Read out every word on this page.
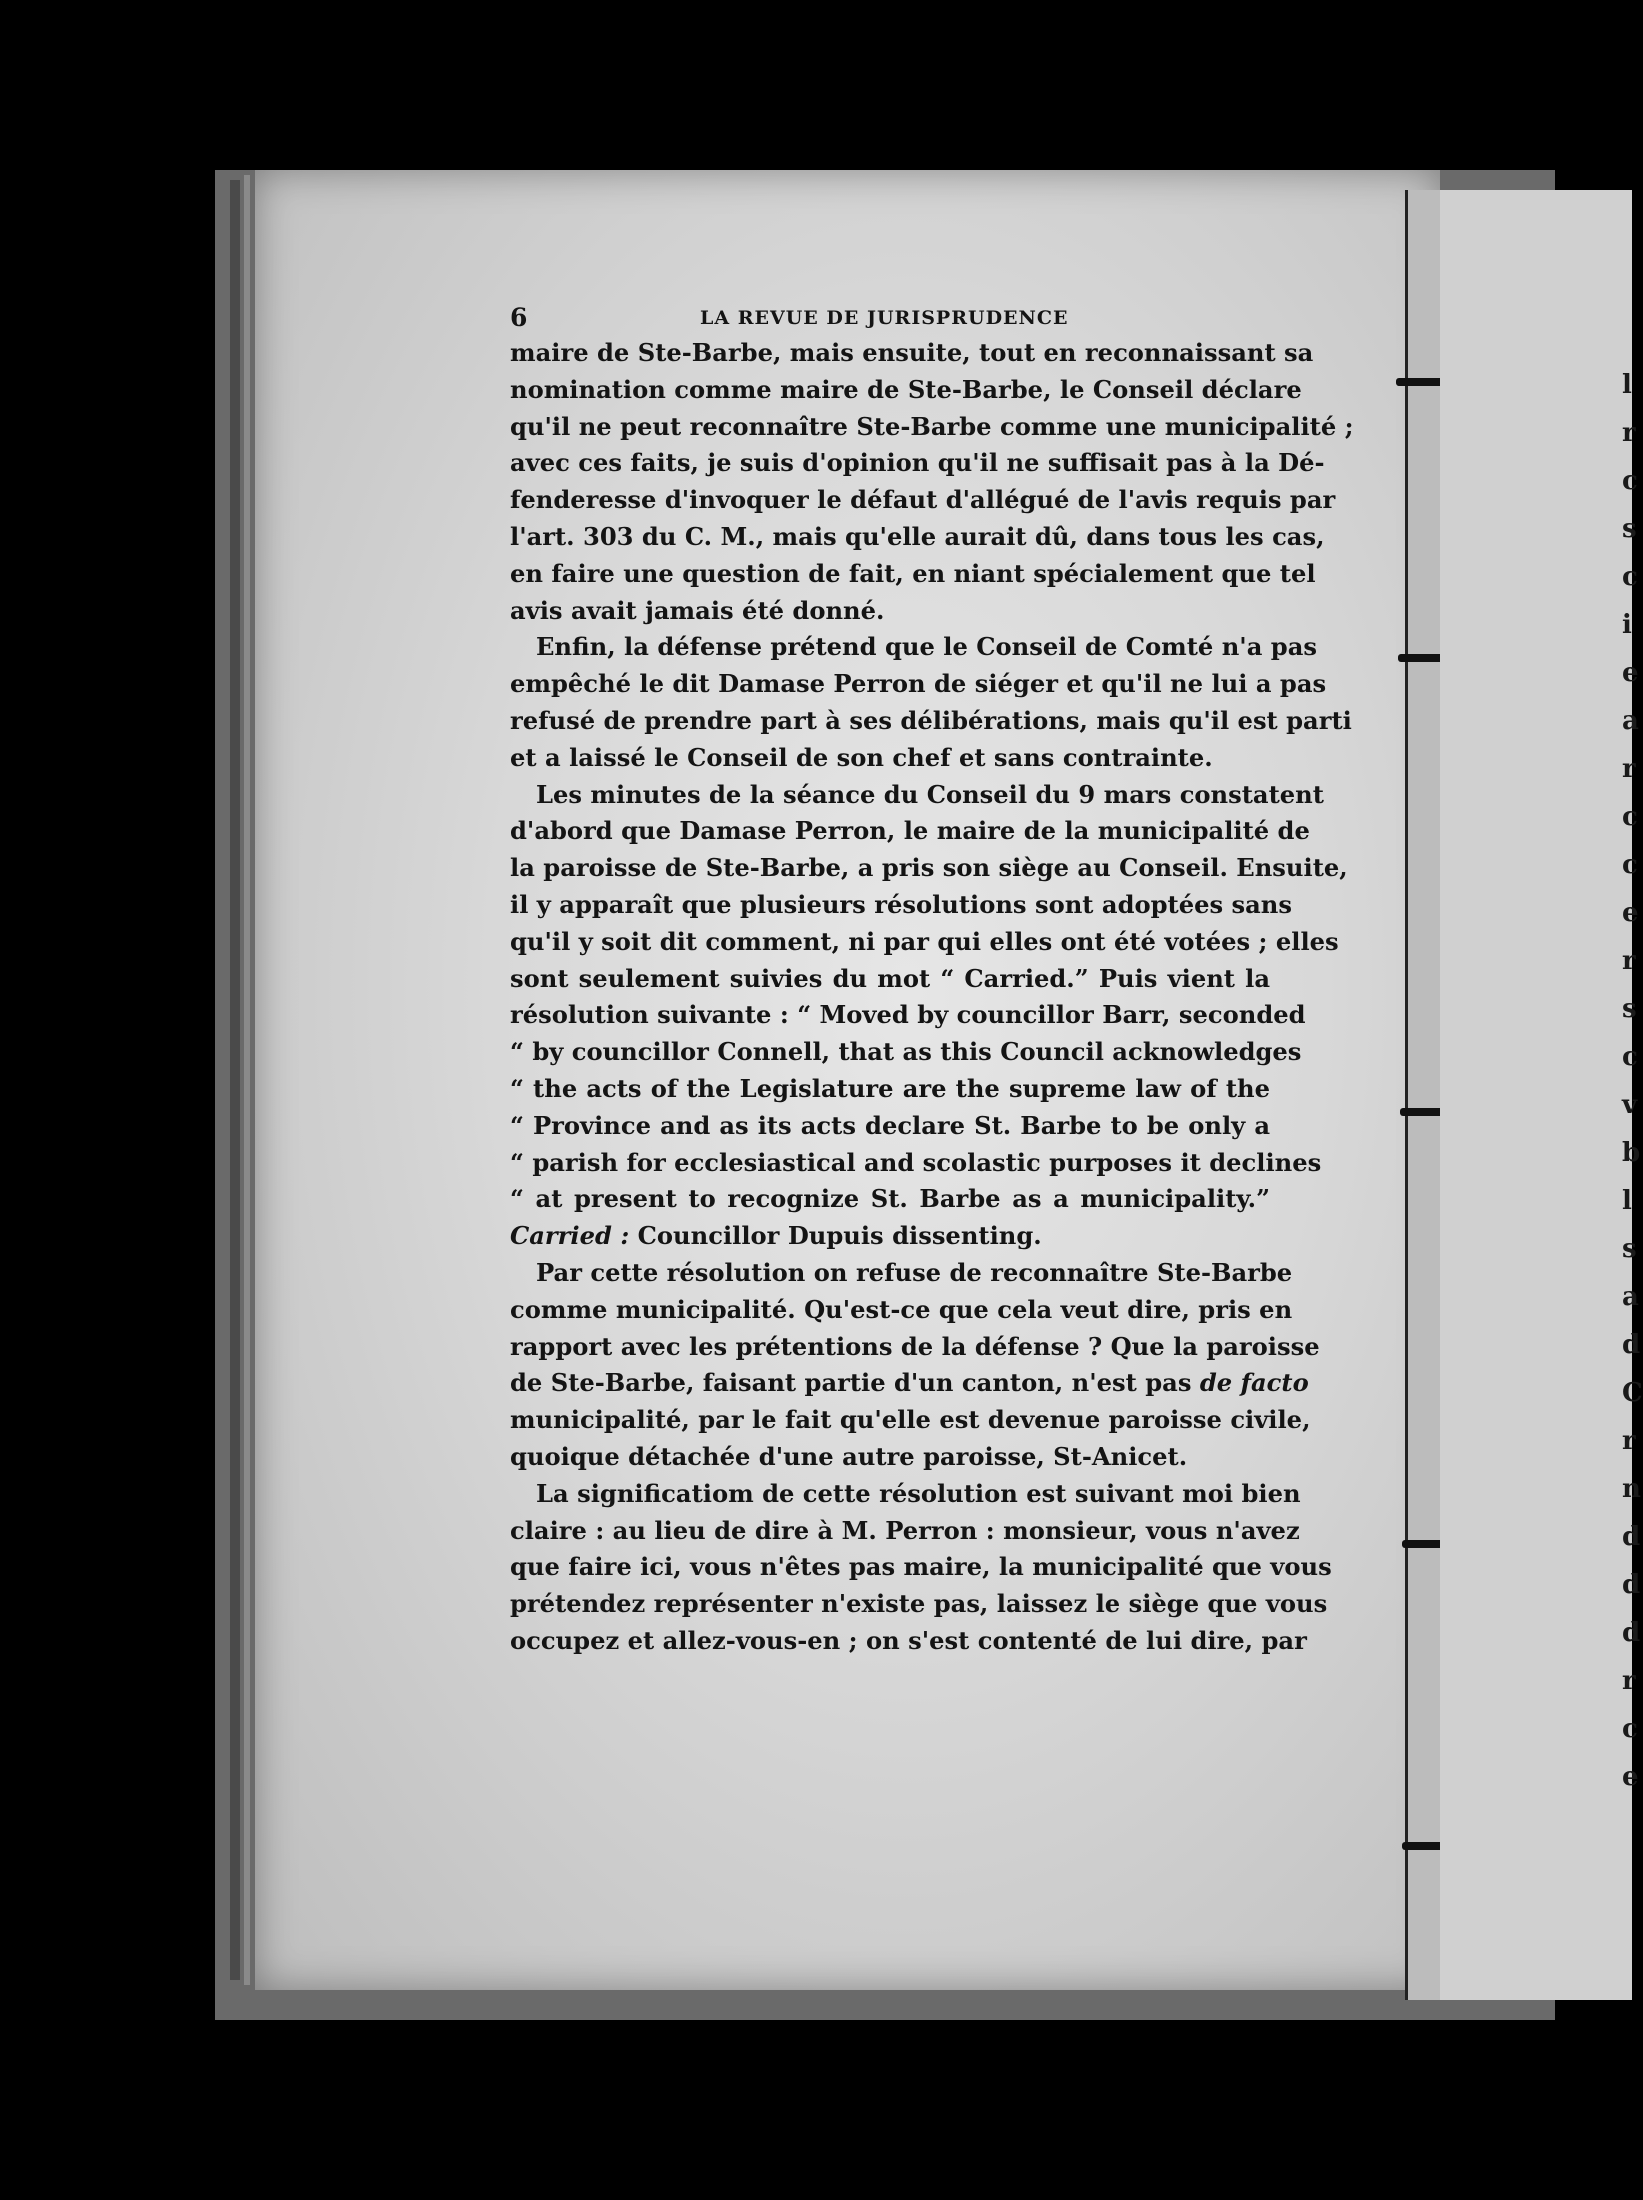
l
r
c
s
c
i
e
a
r
c
c
e
r
s
c
v
b
l
s
a
d
C
r
n
d
d
d
r
c
e
6	LA REVUE DE JURISPRUDENCE
maire de Ste-Barbe, mais ensuite, tout en reconnaissant sa
nomination comme maire de Ste-Barbe, le Conseil déclare
qu'il ne peut reconnaître Ste-Barbe comme une municipalité ;
avec ces faits, je suis d'opinion qu'il ne suffisait pas à la Dé-
fenderesse d'invoquer le défaut d'allégué de l'avis requis par
l'art. 303 du C. M., mais qu'elle aurait dû, dans tous les cas,
en faire une question de fait, en niant spécialement que tel
avis avait jamais été donné.
Enfin, la défense prétend que le Conseil de Comté n'a pas
empêché le dit Damase Perron de siéger et qu'il ne lui a pas
refusé de prendre part à ses délibérations, mais qu'il est parti
et a laissé le Conseil de son chef et sans contrainte.
Les minutes de la séance du Conseil du 9 mars constatent
d'abord que Damase Perron, le maire de la municipalité de
la paroisse de Ste-Barbe, a pris son siège au Conseil. Ensuite,
il y apparaît que plusieurs résolutions sont adoptées sans
qu'il y soit dit comment, ni par qui elles ont été votées ; elles
sont seulement suivies du mot “ Carried.” Puis vient la
résolution suivante : “ Moved by councillor Barr, seconded
“ by councillor Connell, that as this Council acknowledges
“ the acts of the Legislature are the supreme law of the
“ Province and as its acts declare St. Barbe to be only a
“ parish for ecclesiastical and scolastic purposes it declines
“ at present to recognize St. Barbe as a municipality.”
Carried : Councillor Dupuis dissenting.
Par cette résolution on refuse de reconnaître Ste-Barbe
comme municipalité. Qu'est-ce que cela veut dire, pris en
rapport avec les prétentions de la défense ? Que la paroisse
de Ste-Barbe, faisant partie d'un canton, n'est pas de facto
municipalité, par le fait qu'elle est devenue paroisse civile,
quoique détachée d'une autre paroisse, St-Anicet.
La significatiom de cette résolution est suivant moi bien
claire : au lieu de dire à M. Perron : monsieur, vous n'avez
que faire ici, vous n'êtes pas maire, la municipalité que vous
prétendez représenter n'existe pas, laissez le siège que vous
occupez et allez-vous-en ; on s'est contenté de lui dire, par
